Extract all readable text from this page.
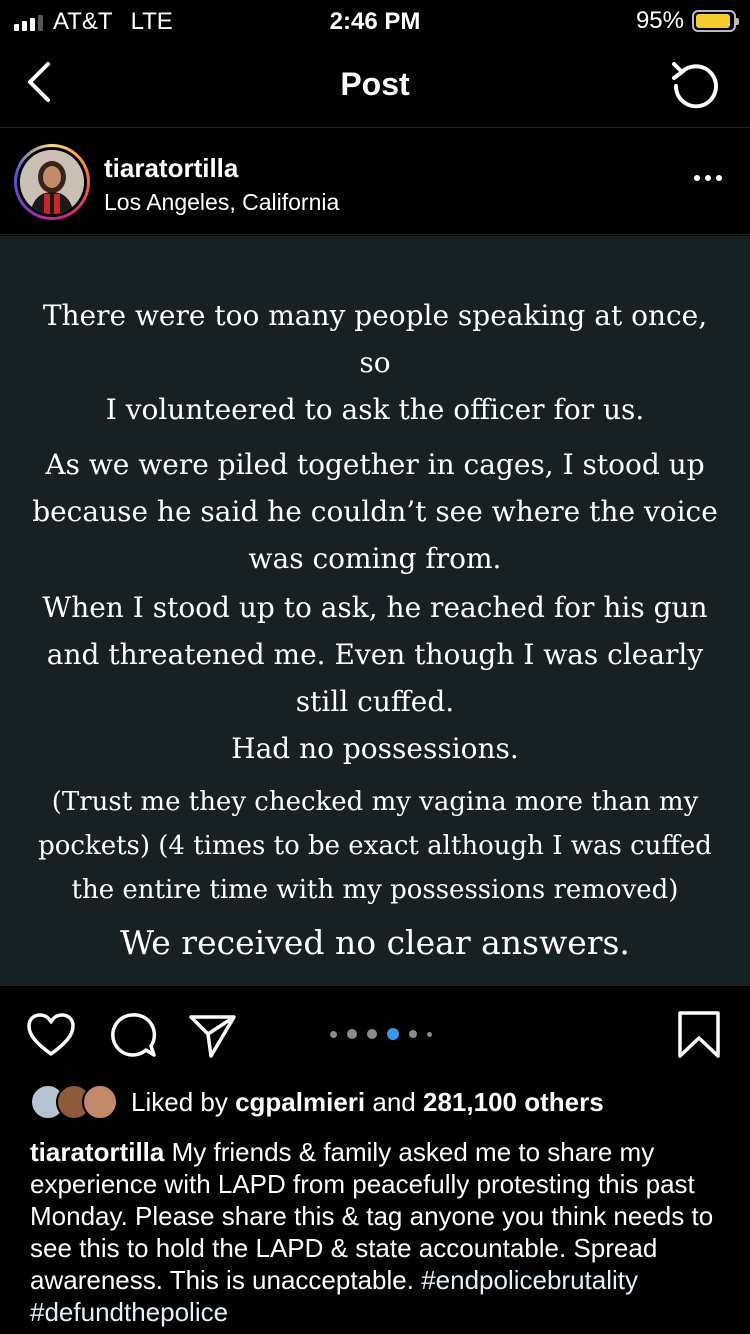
AT&T LTE	2:46 PM	95%
Post
tiaratortilla
Los Angeles, California
There were too many people speaking at once, so
I volunteered to ask the officer for us.
As we were piled together in cages, I stood up
because he said he couldn’t see where the voice
was coming from.
When I stood up to ask, he reached for his gun
and threatened me. Even though I was clearly
still cuffed.
Had no possessions.
(Trust me they checked my vagina more than my
pockets) (4 times to be exact although I was cuffed
the entire time with my possessions removed)
We received no clear answers.
Liked by cgpalmieri and 281,100 others
tiaratortilla My friends & family asked me to share my experience with LAPD from peacefully protesting this past Monday. Please share this & tag anyone you think needs to see this to hold the LAPD & state accountable. Spread awareness. This is unacceptable. #endpolicebrutality #defundthepolice
